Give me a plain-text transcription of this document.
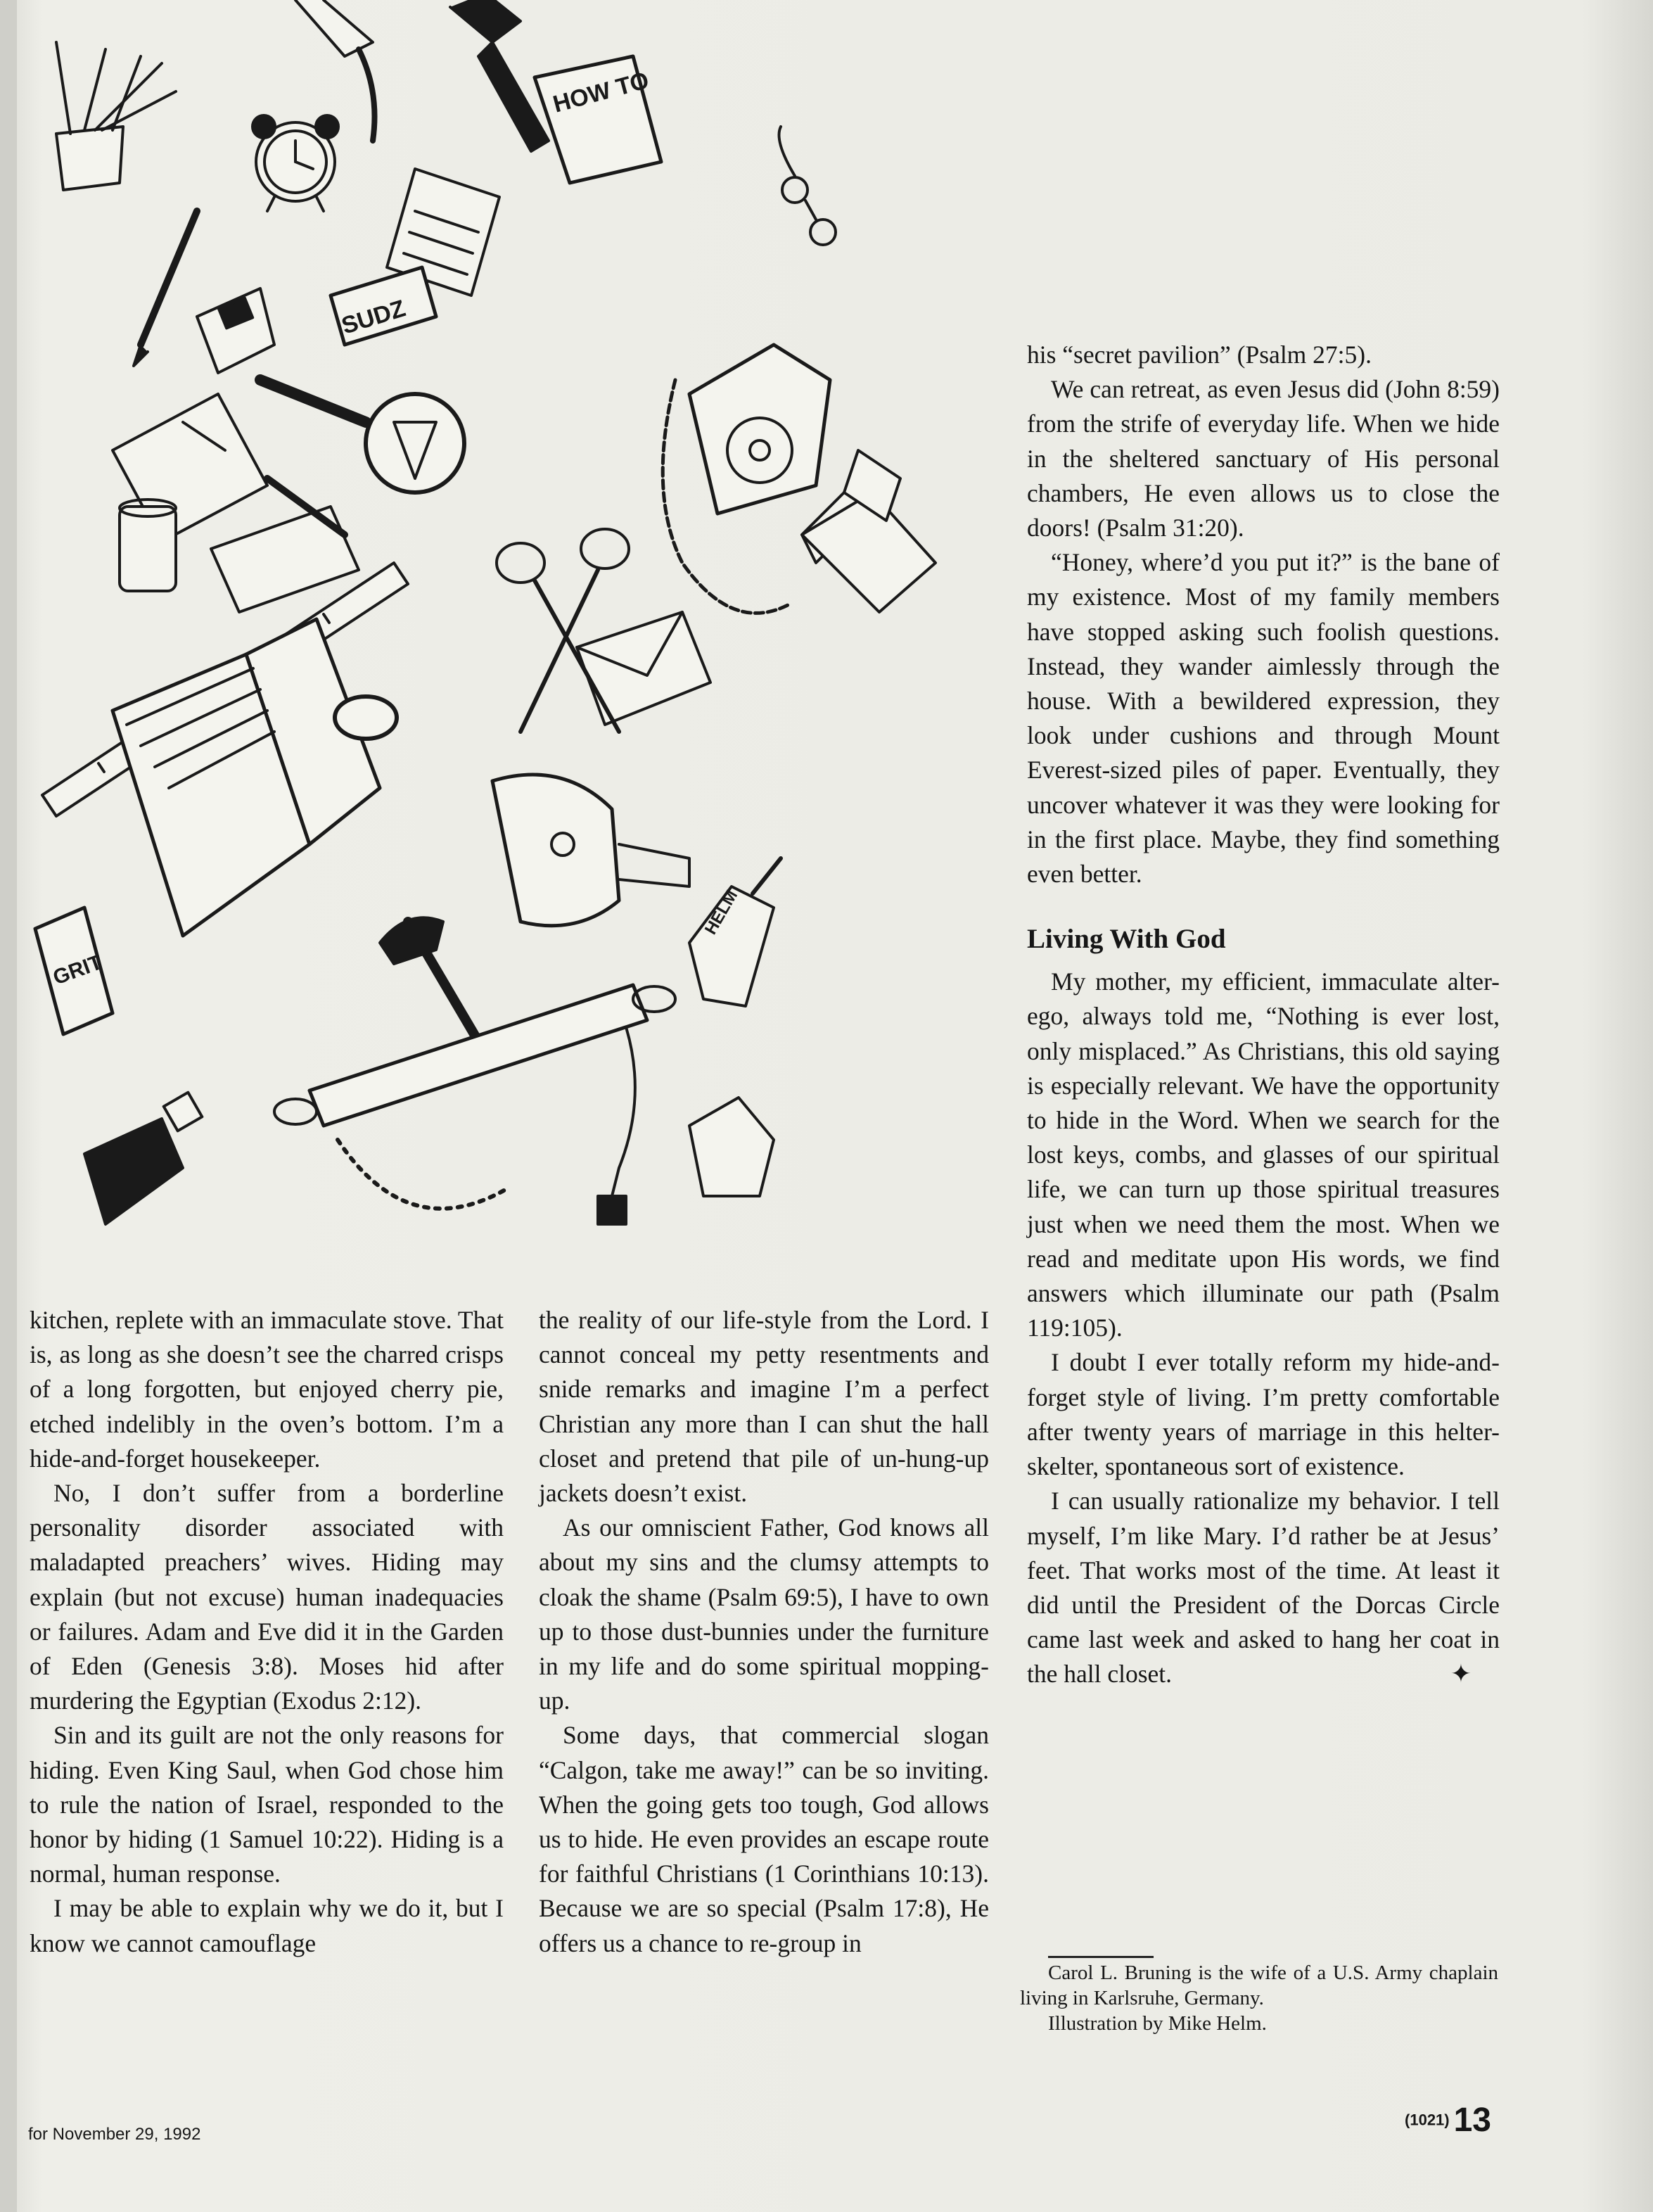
HOW TO
SUDZ
HELM
GRIT

kitchen, replete with an immaculate stove. That is, as long as she doesn’t see the charred crisps of a long forgotten, but enjoyed cherry pie, etched indelibly in the oven’s bottom. I’m a hide-and-forget housekeeper.

No, I don’t suffer from a borderline personality disorder associated with maladapted preachers’ wives. Hiding may explain (but not excuse) human inadequacies or failures. Adam and Eve did it in the Garden of Eden (Genesis 3:8). Moses hid after murdering the Egyptian (Exodus 2:12).

Sin and its guilt are not the only reasons for hiding. Even King Saul, when God chose him to rule the nation of Israel, responded to the honor by hiding (1 Samuel 10:22). Hiding is a normal, human response.

I may be able to explain why we do it, but I know we cannot camouflage

the reality of our life-style from the Lord. I cannot conceal my petty resentments and snide remarks and imagine I’m a perfect Christian any more than I can shut the hall closet and pretend that pile of un-hung-up jackets doesn’t exist.

As our omniscient Father, God knows all about my sins and the clumsy attempts to cloak the shame (Psalm 69:5), I have to own up to those dust-bunnies under the furniture in my life and do some spiritual mopping-up.

Some days, that commercial slogan “Calgon, take me away!” can be so inviting. When the going gets too tough, God allows us to hide. He even provides an escape route for faithful Christians (1 Corinthians 10:13). Because we are so special (Psalm 17:8), He offers us a chance to re-group in

his “secret pavilion” (Psalm 27:5).

We can retreat, as even Jesus did (John 8:59) from the strife of everyday life. When we hide in the sheltered sanctuary of His personal chambers, He even allows us to close the doors! (Psalm 31:20).

“Honey, where’d you put it?” is the bane of my existence. Most of my family members have stopped asking such foolish questions. Instead, they wander aimlessly through the house. With a bewildered expression, they look under cushions and through Mount Everest-sized piles of paper. Eventually, they uncover whatever it was they were looking for in the first place. Maybe, they find something even better.

Living With God

My mother, my efficient, immaculate alter-ego, always told me, “Nothing is ever lost, only misplaced.” As Christians, this old saying is especially relevant. We have the opportunity to hide in the Word. When we search for the lost keys, combs, and glasses of our spiritual life, we can turn up those spiritual treasures just when we need them the most. When we read and meditate upon His words, we find answers which illuminate our path (Psalm 119:105).

I doubt I ever totally reform my hide-and-forget style of living. I’m pretty comfortable after twenty years of marriage in this helter-skelter, spontaneous sort of existence.

I can usually rationalize my behavior. I tell myself, I’m like Mary. I’d rather be at Jesus’ feet. That works most of the time. At least it did until the President of the Dorcas Circle came last week and asked to hang her coat in the hall closet.	✦

Carol L. Bruning is the wife of a U.S. Army chaplain living in Karlsruhe, Germany.

Illustration by Mike Helm.

for November 29, 1992
(1021) 13
